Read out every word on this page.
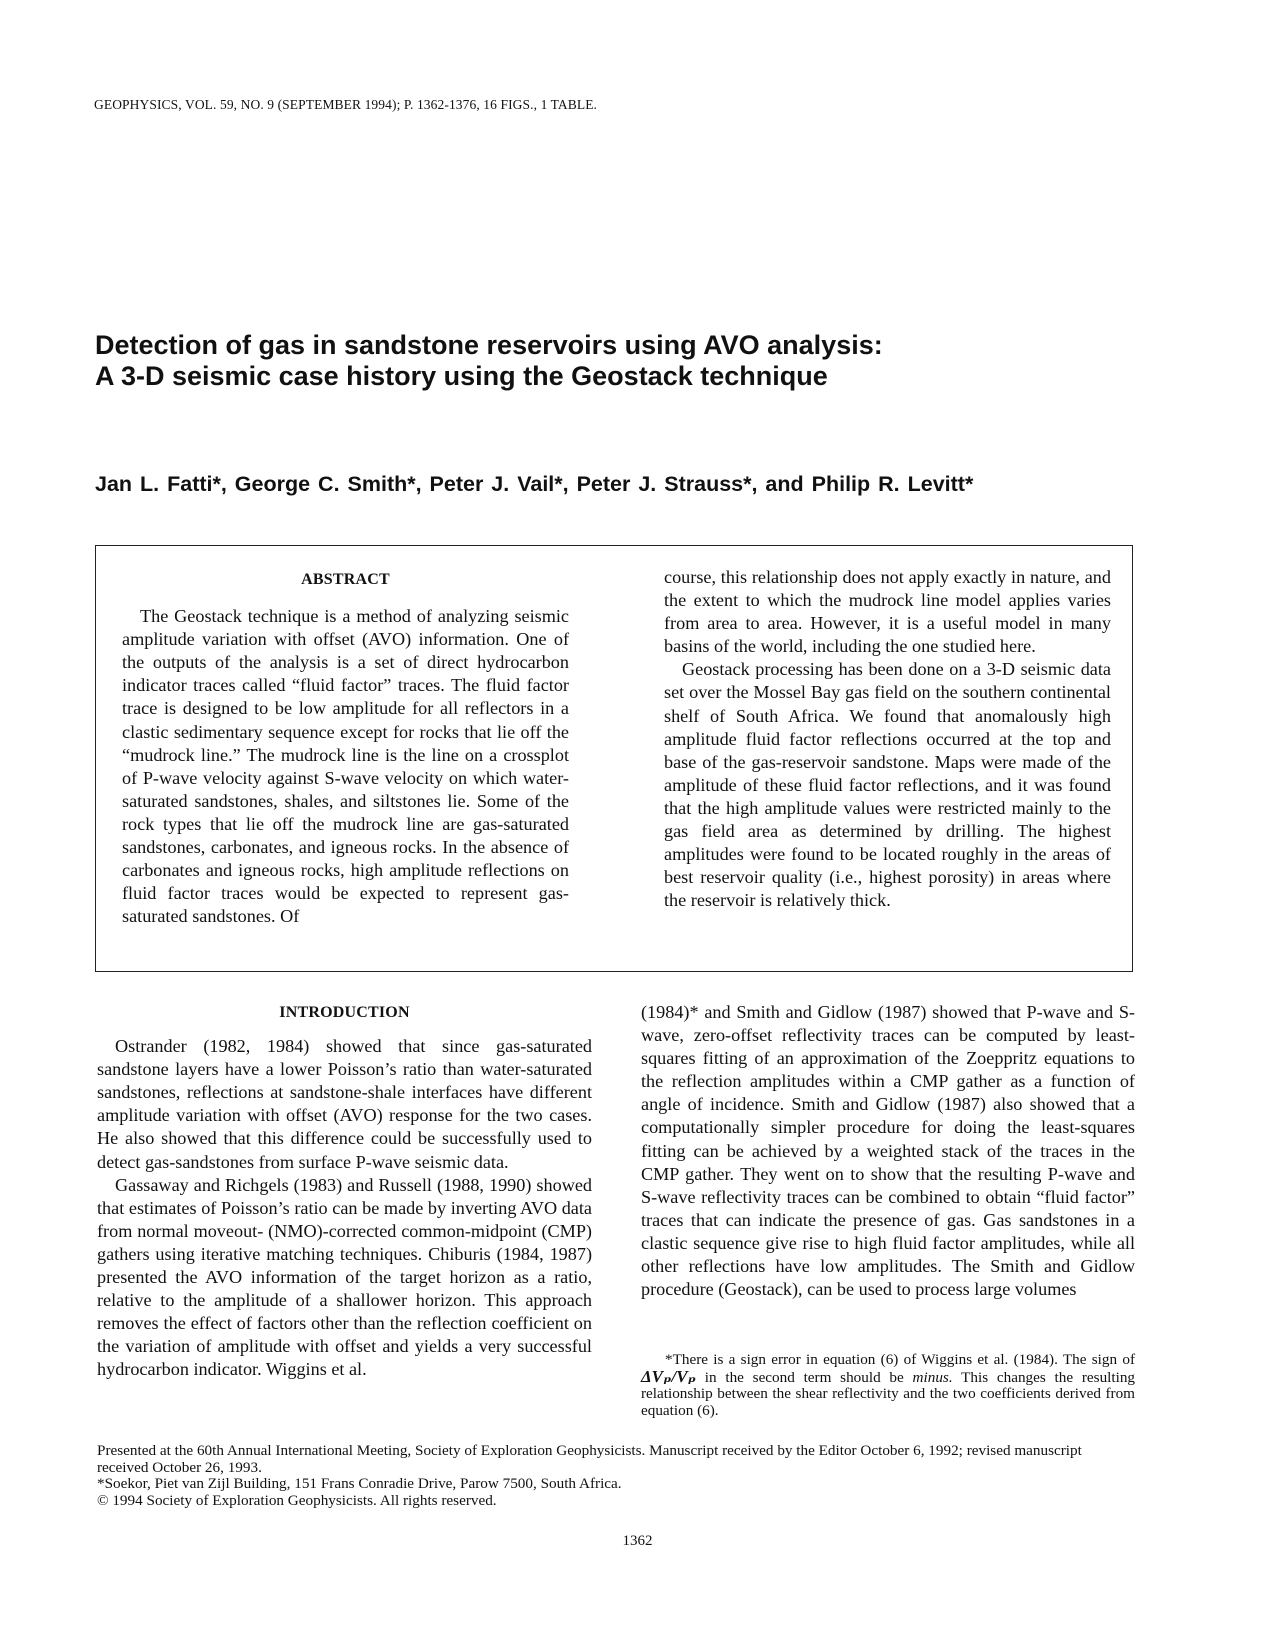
GEOPHYSICS, VOL. 59, NO. 9 (SEPTEMBER 1994); P. 1362-1376, 16 FIGS., 1 TABLE.
Detection of gas in sandstone reservoirs using AVO analysis:
A 3-D seismic case history using the Geostack technique
Jan L. Fatti*, George C. Smith*, Peter J. Vail*, Peter J. Strauss*, and Philip R. Levitt*
ABSTRACT

The Geostack technique is a method of analyzing seismic amplitude variation with offset (AVO) information. One of the outputs of the analysis is a set of direct hydrocarbon indicator traces called “fluid factor” traces. The fluid factor trace is designed to be low amplitude for all reflectors in a clastic sedimentary sequence except for rocks that lie off the “mudrock line.” The mudrock line is the line on a crossplot of P-wave velocity against S-wave velocity on which water-saturated sandstones, shales, and siltstones lie. Some of the rock types that lie off the mudrock line are gas-saturated sandstones, carbonates, and igneous rocks. In the absence of carbonates and igneous rocks, high amplitude reflections on fluid factor traces would be expected to represent gas-saturated sandstones. Of

course, this relationship does not apply exactly in nature, and the extent to which the mudrock line model applies varies from area to area. However, it is a useful model in many basins of the world, including the one studied here.

Geostack processing has been done on a 3-D seismic data set over the Mossel Bay gas field on the southern continental shelf of South Africa. We found that anomalously high amplitude fluid factor reflections occurred at the top and base of the gas-reservoir sandstone. Maps were made of the amplitude of these fluid factor reflections, and it was found that the high amplitude values were restricted mainly to the gas field area as determined by drilling. The highest amplitudes were found to be located roughly in the areas of best reservoir quality (i.e., highest porosity) in areas where the reservoir is relatively thick.

INTRODUCTION

Ostrander (1982, 1984) showed that since gas-saturated sandstone layers have a lower Poisson’s ratio than water-saturated sandstones, reflections at sandstone-shale interfaces have different amplitude variation with offset (AVO) response for the two cases. He also showed that this difference could be successfully used to detect gas-sandstones from surface P-wave seismic data.

Gassaway and Richgels (1983) and Russell (1988, 1990) showed that estimates of Poisson’s ratio can be made by inverting AVO data from normal moveout- (NMO)-corrected common-midpoint (CMP) gathers using iterative matching techniques. Chiburis (1984, 1987) presented the AVO information of the target horizon as a ratio, relative to the amplitude of a shallower horizon. This approach removes the effect of factors other than the reflection coefficient on the variation of amplitude with offset and yields a very successful hydrocarbon indicator. Wiggins et al.

(1984)* and Smith and Gidlow (1987) showed that P-wave and S-wave, zero-offset reflectivity traces can be computed by least-squares fitting of an approximation of the Zoeppritz equations to the reflection amplitudes within a CMP gather as a function of angle of incidence. Smith and Gidlow (1987) also showed that a computationally simpler procedure for doing the least-squares fitting can be achieved by a weighted stack of the traces in the CMP gather. They went on to show that the resulting P-wave and S-wave reflectivity traces can be combined to obtain “fluid factor” traces that can indicate the presence of gas. Gas sandstones in a clastic sequence give rise to high fluid factor amplitudes, while all other reflections have low amplitudes. The Smith and Gidlow procedure (Geostack), can be used to process large volumes

*There is a sign error in equation (6) of Wiggins et al. (1984). The sign of ΔVₚ/Vₚ in the second term should be minus. This changes the resulting relationship between the shear reflectivity and the two coefficients derived from equation (6).

Presented at the 60th Annual International Meeting, Society of Exploration Geophysicists. Manuscript received by the Editor October 6, 1992; revised manuscript received October 26, 1993.

*Soekor, Piet van Zijl Building, 151 Frans Conradie Drive, Parow 7500, South Africa.

© 1994 Society of Exploration Geophysicists. All rights reserved.

1362
